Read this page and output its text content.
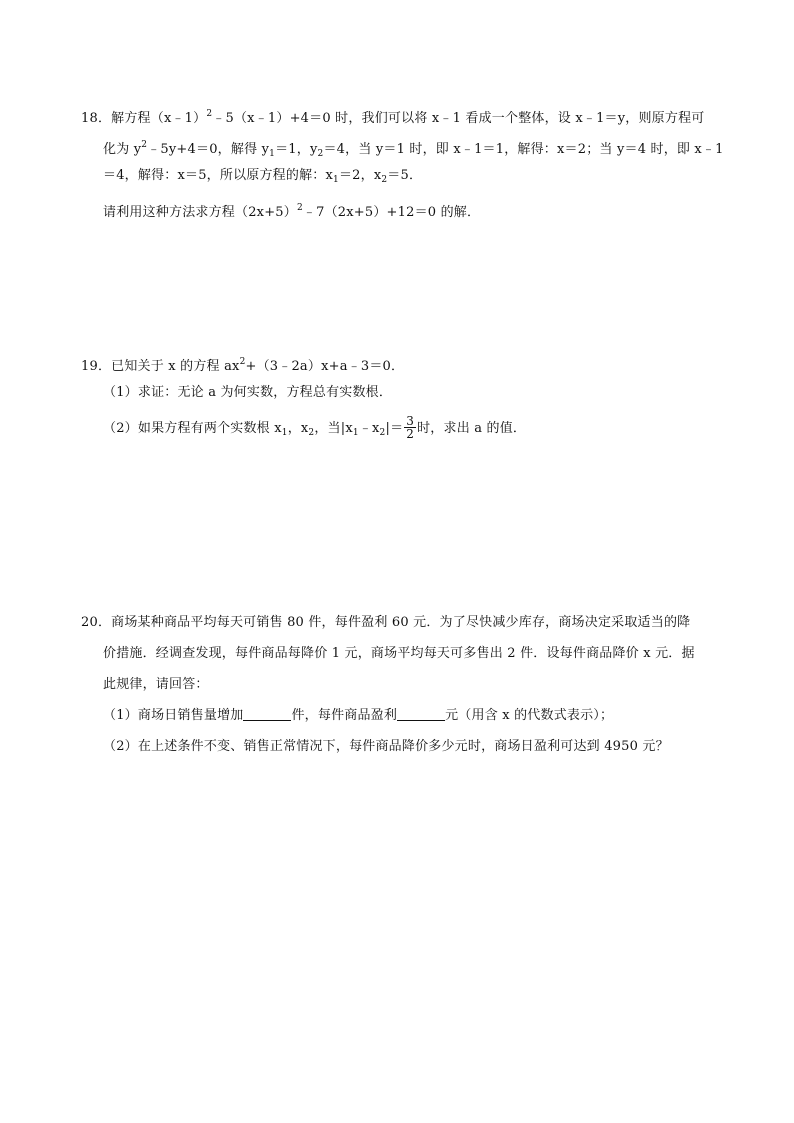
18．解方程（x﹣1）$^2$﹣5（x﹣1）+4＝0 时，我们可以将 x﹣1 看成一个整体，设 x﹣1＝y，则原方程可
化为 $y^2﹣5y+4=0$，解得 $y_1=1$，$y_2=4$，当 y＝1 时，即 x﹣1＝1，解得：x＝2；当 y＝4 时，即 x﹣1
＝4，解得：x＝5，所以原方程的解：$x_1=2$，$x_2=5$．
请利用这种方法求方程$(2x+5)^2﹣7(2x+5)+12=0$ 的解．
19．已知关于 x 的方程 $ax^2+(3﹣2a)x+a﹣3=0$．
（1）求证：无论 a 为何实数，方程总有实数根．
（2）如果方程有两个实数根 $x_1$，$x_2$，当$|x_1﹣x_2|= \frac{3}{2}$ 时，求出 a 的值．
20．商场某种商品平均每天可销售 80 件，每件盈利 60 元．为了尽快减少库存，商场决定采取适当的降
价措施．经调查发现，每件商品每降价 1 元，商场平均每天可多售出 2 件．设每件商品降价 x 元．据
此规律，请回答：
（1）商场日销售量增加	件，每件商品盈利	元（用含 x 的代数式表示）；
（2）在上述条件不变、销售正常情况下，每件商品降价多少元时，商场日盈利可达到 4950 元？
